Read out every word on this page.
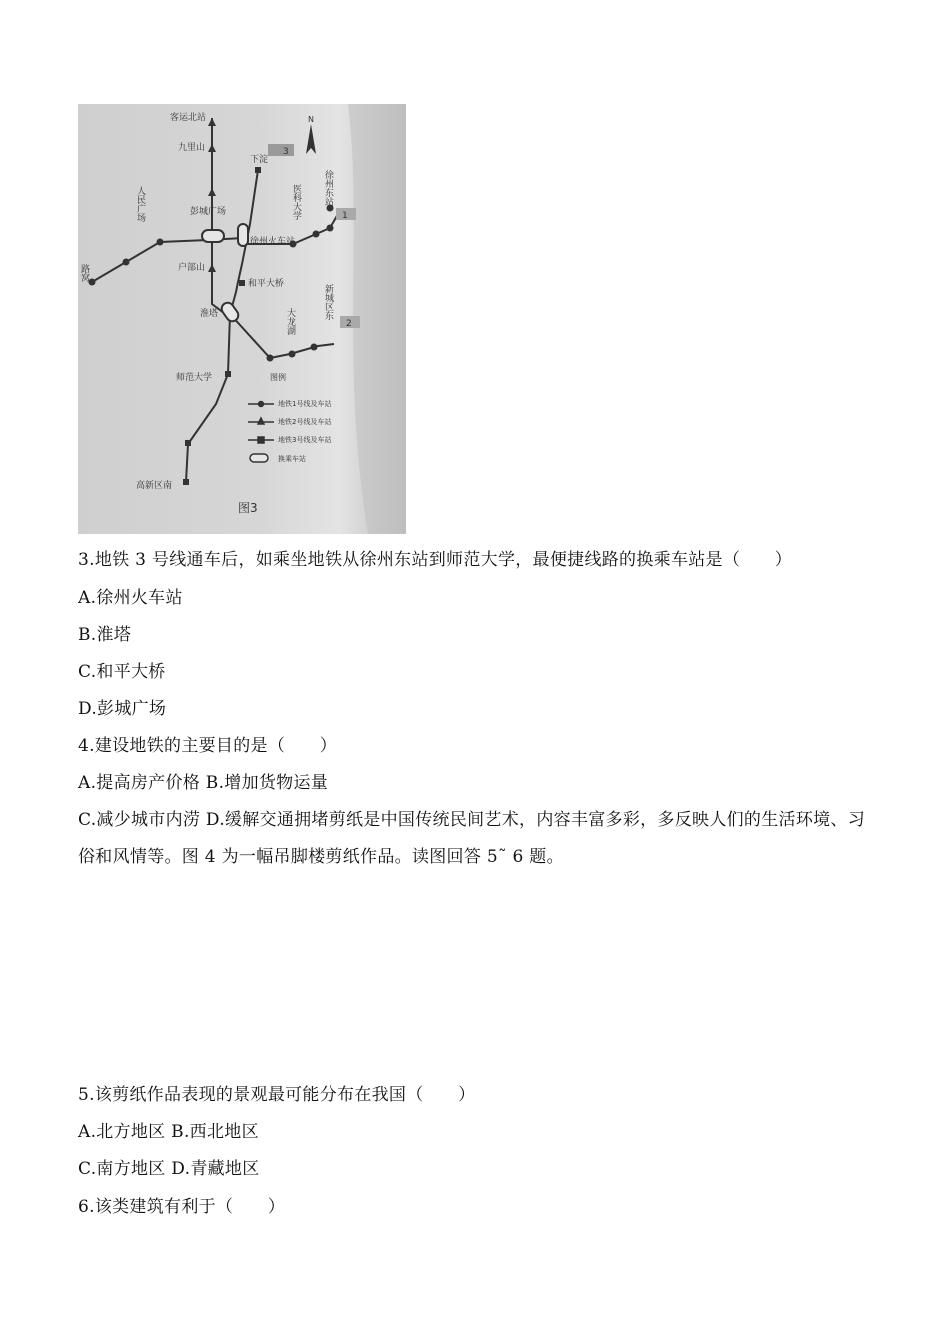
3
1
2
N
客运北站
九里山
下淀
人民广场	彭城广场
徐州火车站
医科大学 徐州东站
路窝	户部山
和平大桥
淮塔	大龙湖
新城区东
师范大学
高新区南
图例
地铁1号线及车站
地铁2号线及车站
地铁3号线及车站
换乘车站
图3
3.地铁 3 号线通车后，如乘坐地铁从徐州东站到师范大学，最便捷线路的换乘车站是（　　）
A.徐州火车站
B.淮塔
C.和平大桥
D.彭城广场
4.建设地铁的主要目的是（　　）
A.提高房产价格 B.增加货物运量
C.减少城市内涝 D.缓解交通拥堵剪纸是中国传统民间艺术，内容丰富多彩，多反映人们的生活环境、习俗和风情等。图 4 为一幅吊脚楼剪纸作品。读图回答 5˜ 6 题。
5.该剪纸作品表现的景观最可能分布在我国（　　）
A.北方地区 B.西北地区
C.南方地区 D.青藏地区
6.该类建筑有利于（　　）
